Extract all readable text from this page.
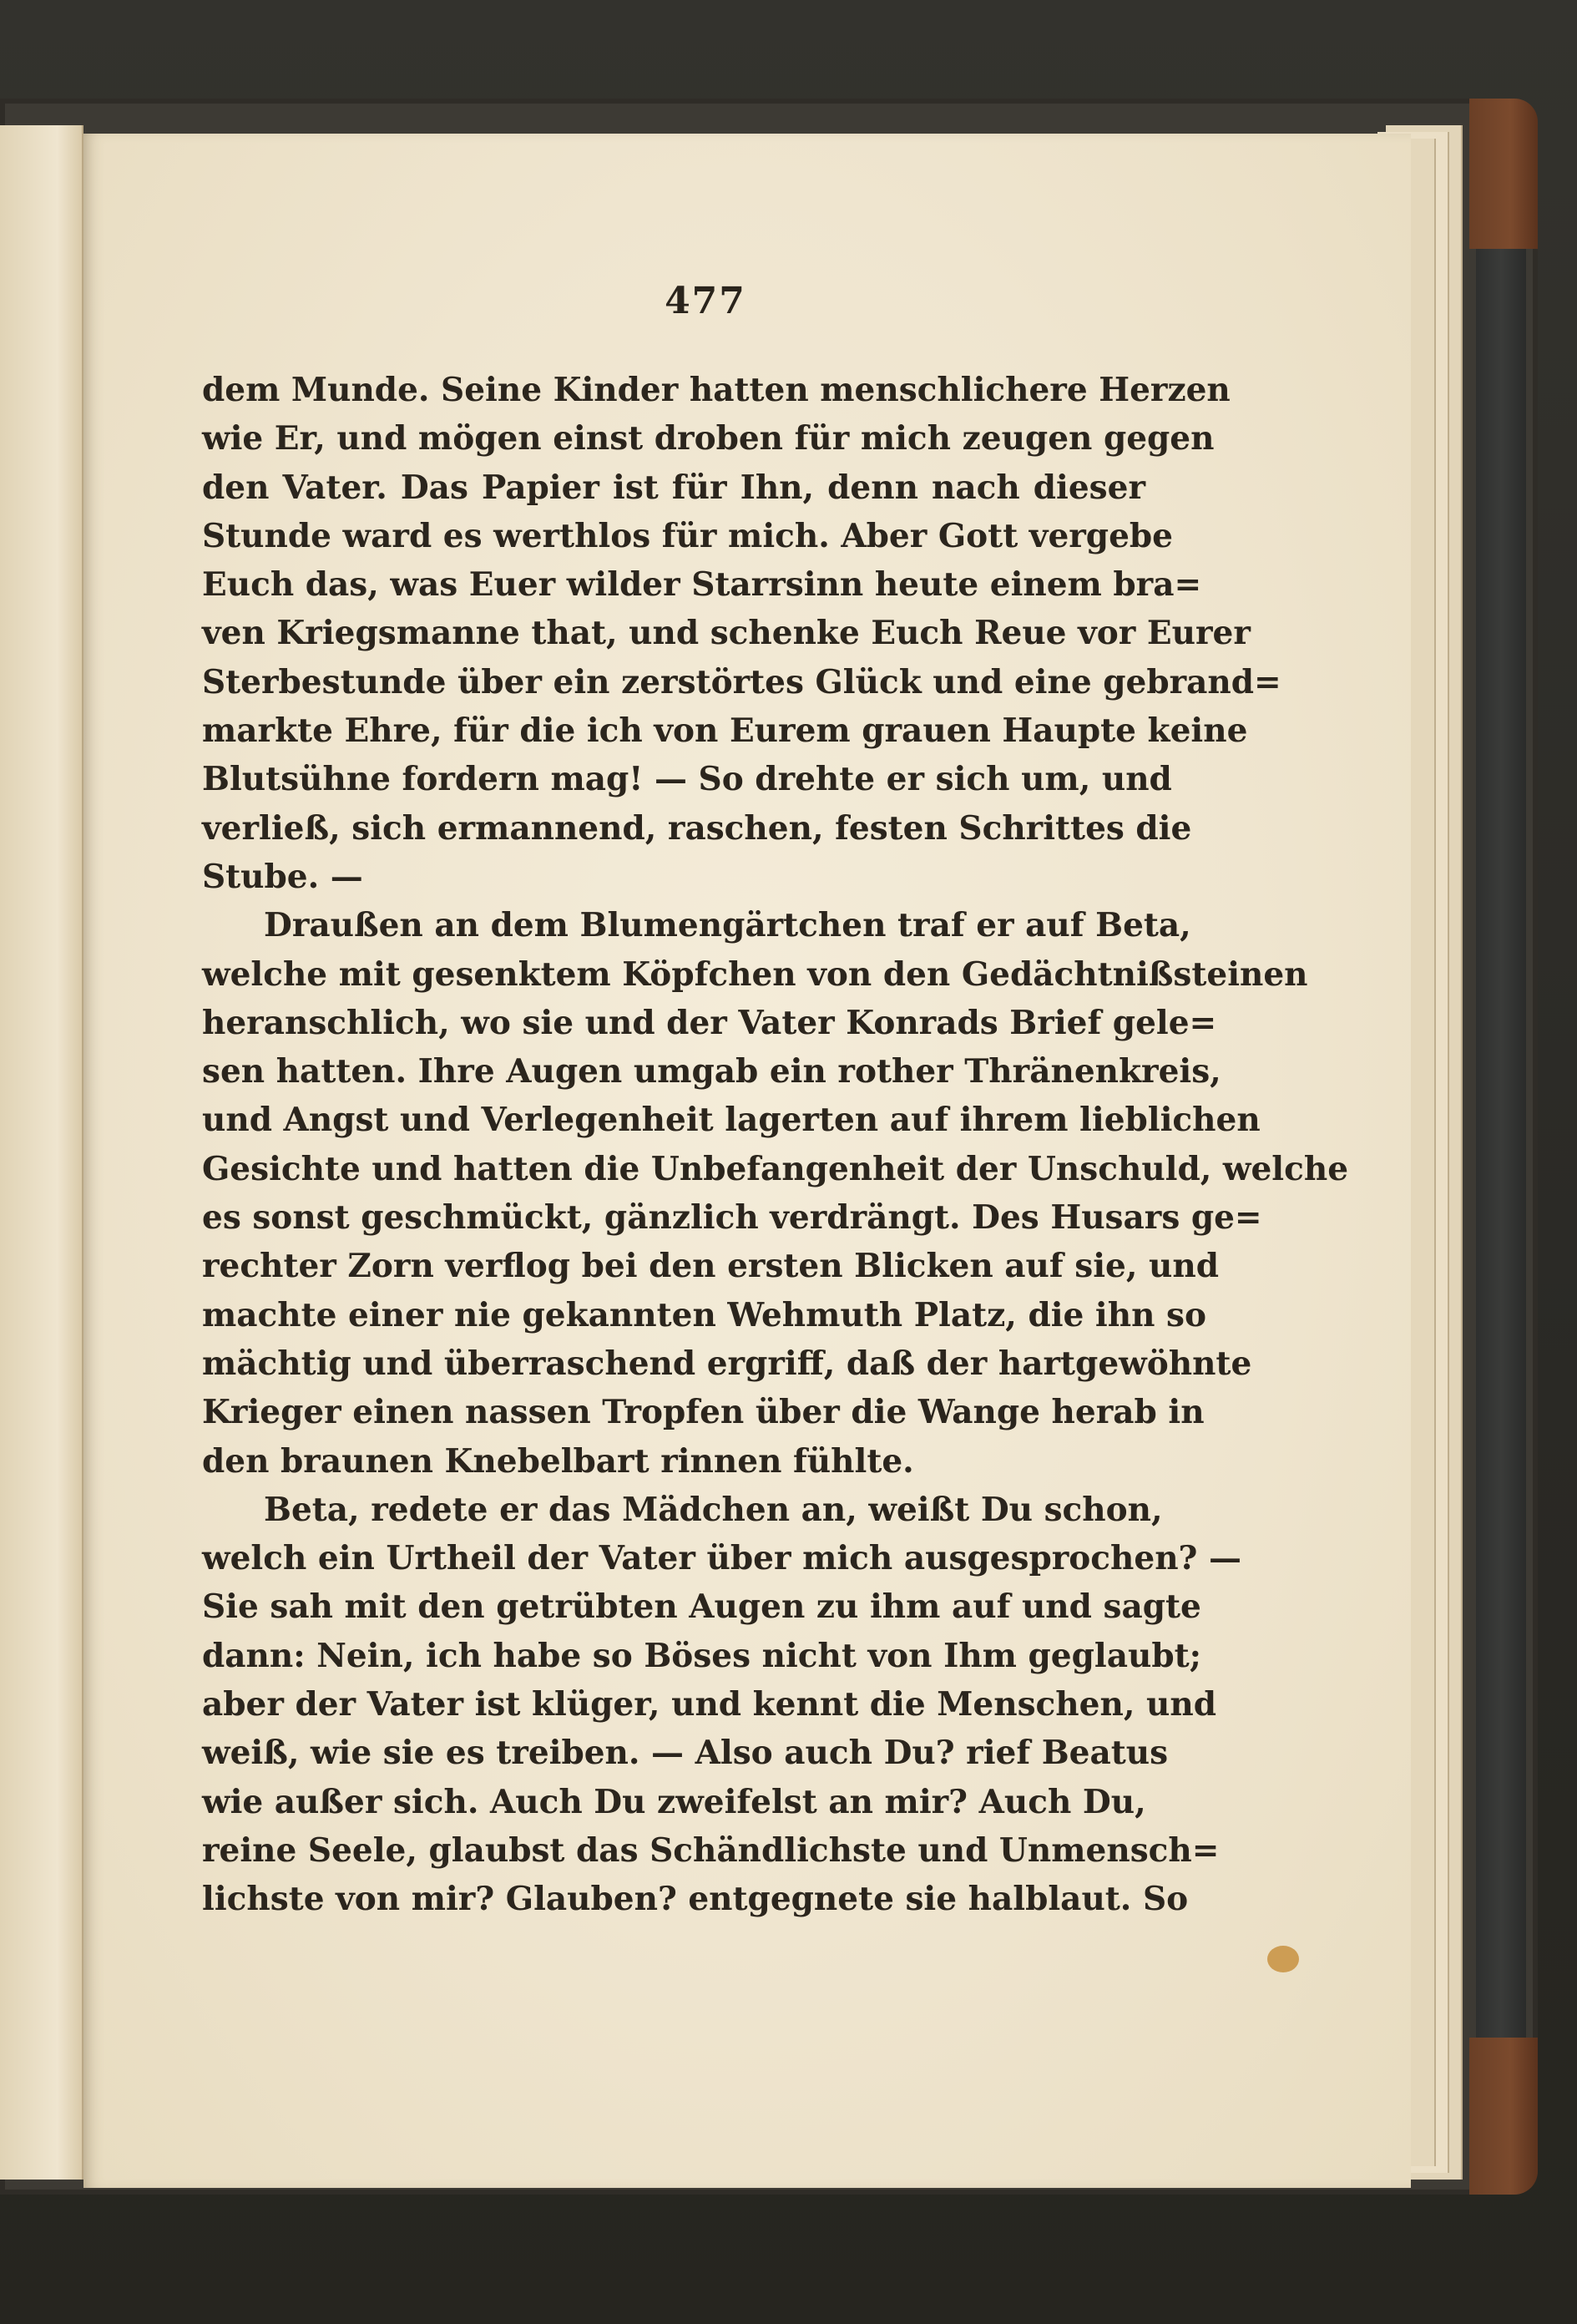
477
dem Munde. Seine Kinder hatten menschlichere Herzen
wie Er, und mögen einst droben für mich zeugen gegen
den Vater. Das Papier ist für Ihn, denn nach dieser
Stunde ward es werthlos für mich. Aber Gott vergebe
Euch das, was Euer wilder Starrsinn heute einem bra=
ven Kriegsmanne that, und schenke Euch Reue vor Eurer
Sterbestunde über ein zerstörtes Glück und eine gebrand=
markte Ehre, für die ich von Eurem grauen Haupte keine
Blutsühne fordern mag! — So drehte er sich um, und
verließ, sich ermannend, raschen, festen Schrittes die
Stube. —
Draußen an dem Blumengärtchen traf er auf Beta,
welche mit gesenktem Köpfchen von den Gedächtnißsteinen
heranschlich, wo sie und der Vater Konrads Brief gele=
sen hatten. Ihre Augen umgab ein rother Thränenkreis,
und Angst und Verlegenheit lagerten auf ihrem lieblichen
Gesichte und hatten die Unbefangenheit der Unschuld, welche
es sonst geschmückt, gänzlich verdrängt. Des Husars ge=
rechter Zorn verflog bei den ersten Blicken auf sie, und
machte einer nie gekannten Wehmuth Platz, die ihn so
mächtig und überraschend ergriff, daß der hartgewöhnte
Krieger einen nassen Tropfen über die Wange herab in
den braunen Knebelbart rinnen fühlte.
Beta, redete er das Mädchen an, weißt Du schon,
welch ein Urtheil der Vater über mich ausgesprochen? —
Sie sah mit den getrübten Augen zu ihm auf und sagte
dann: Nein, ich habe so Böses nicht von Ihm geglaubt;
aber der Vater ist klüger, und kennt die Menschen, und
weiß, wie sie es treiben. — Also auch Du? rief Beatus
wie außer sich. Auch Du zweifelst an mir? Auch Du,
reine Seele, glaubst das Schändlichste und Unmensch=
lichste von mir? Glauben? entgegnete sie halblaut. So
